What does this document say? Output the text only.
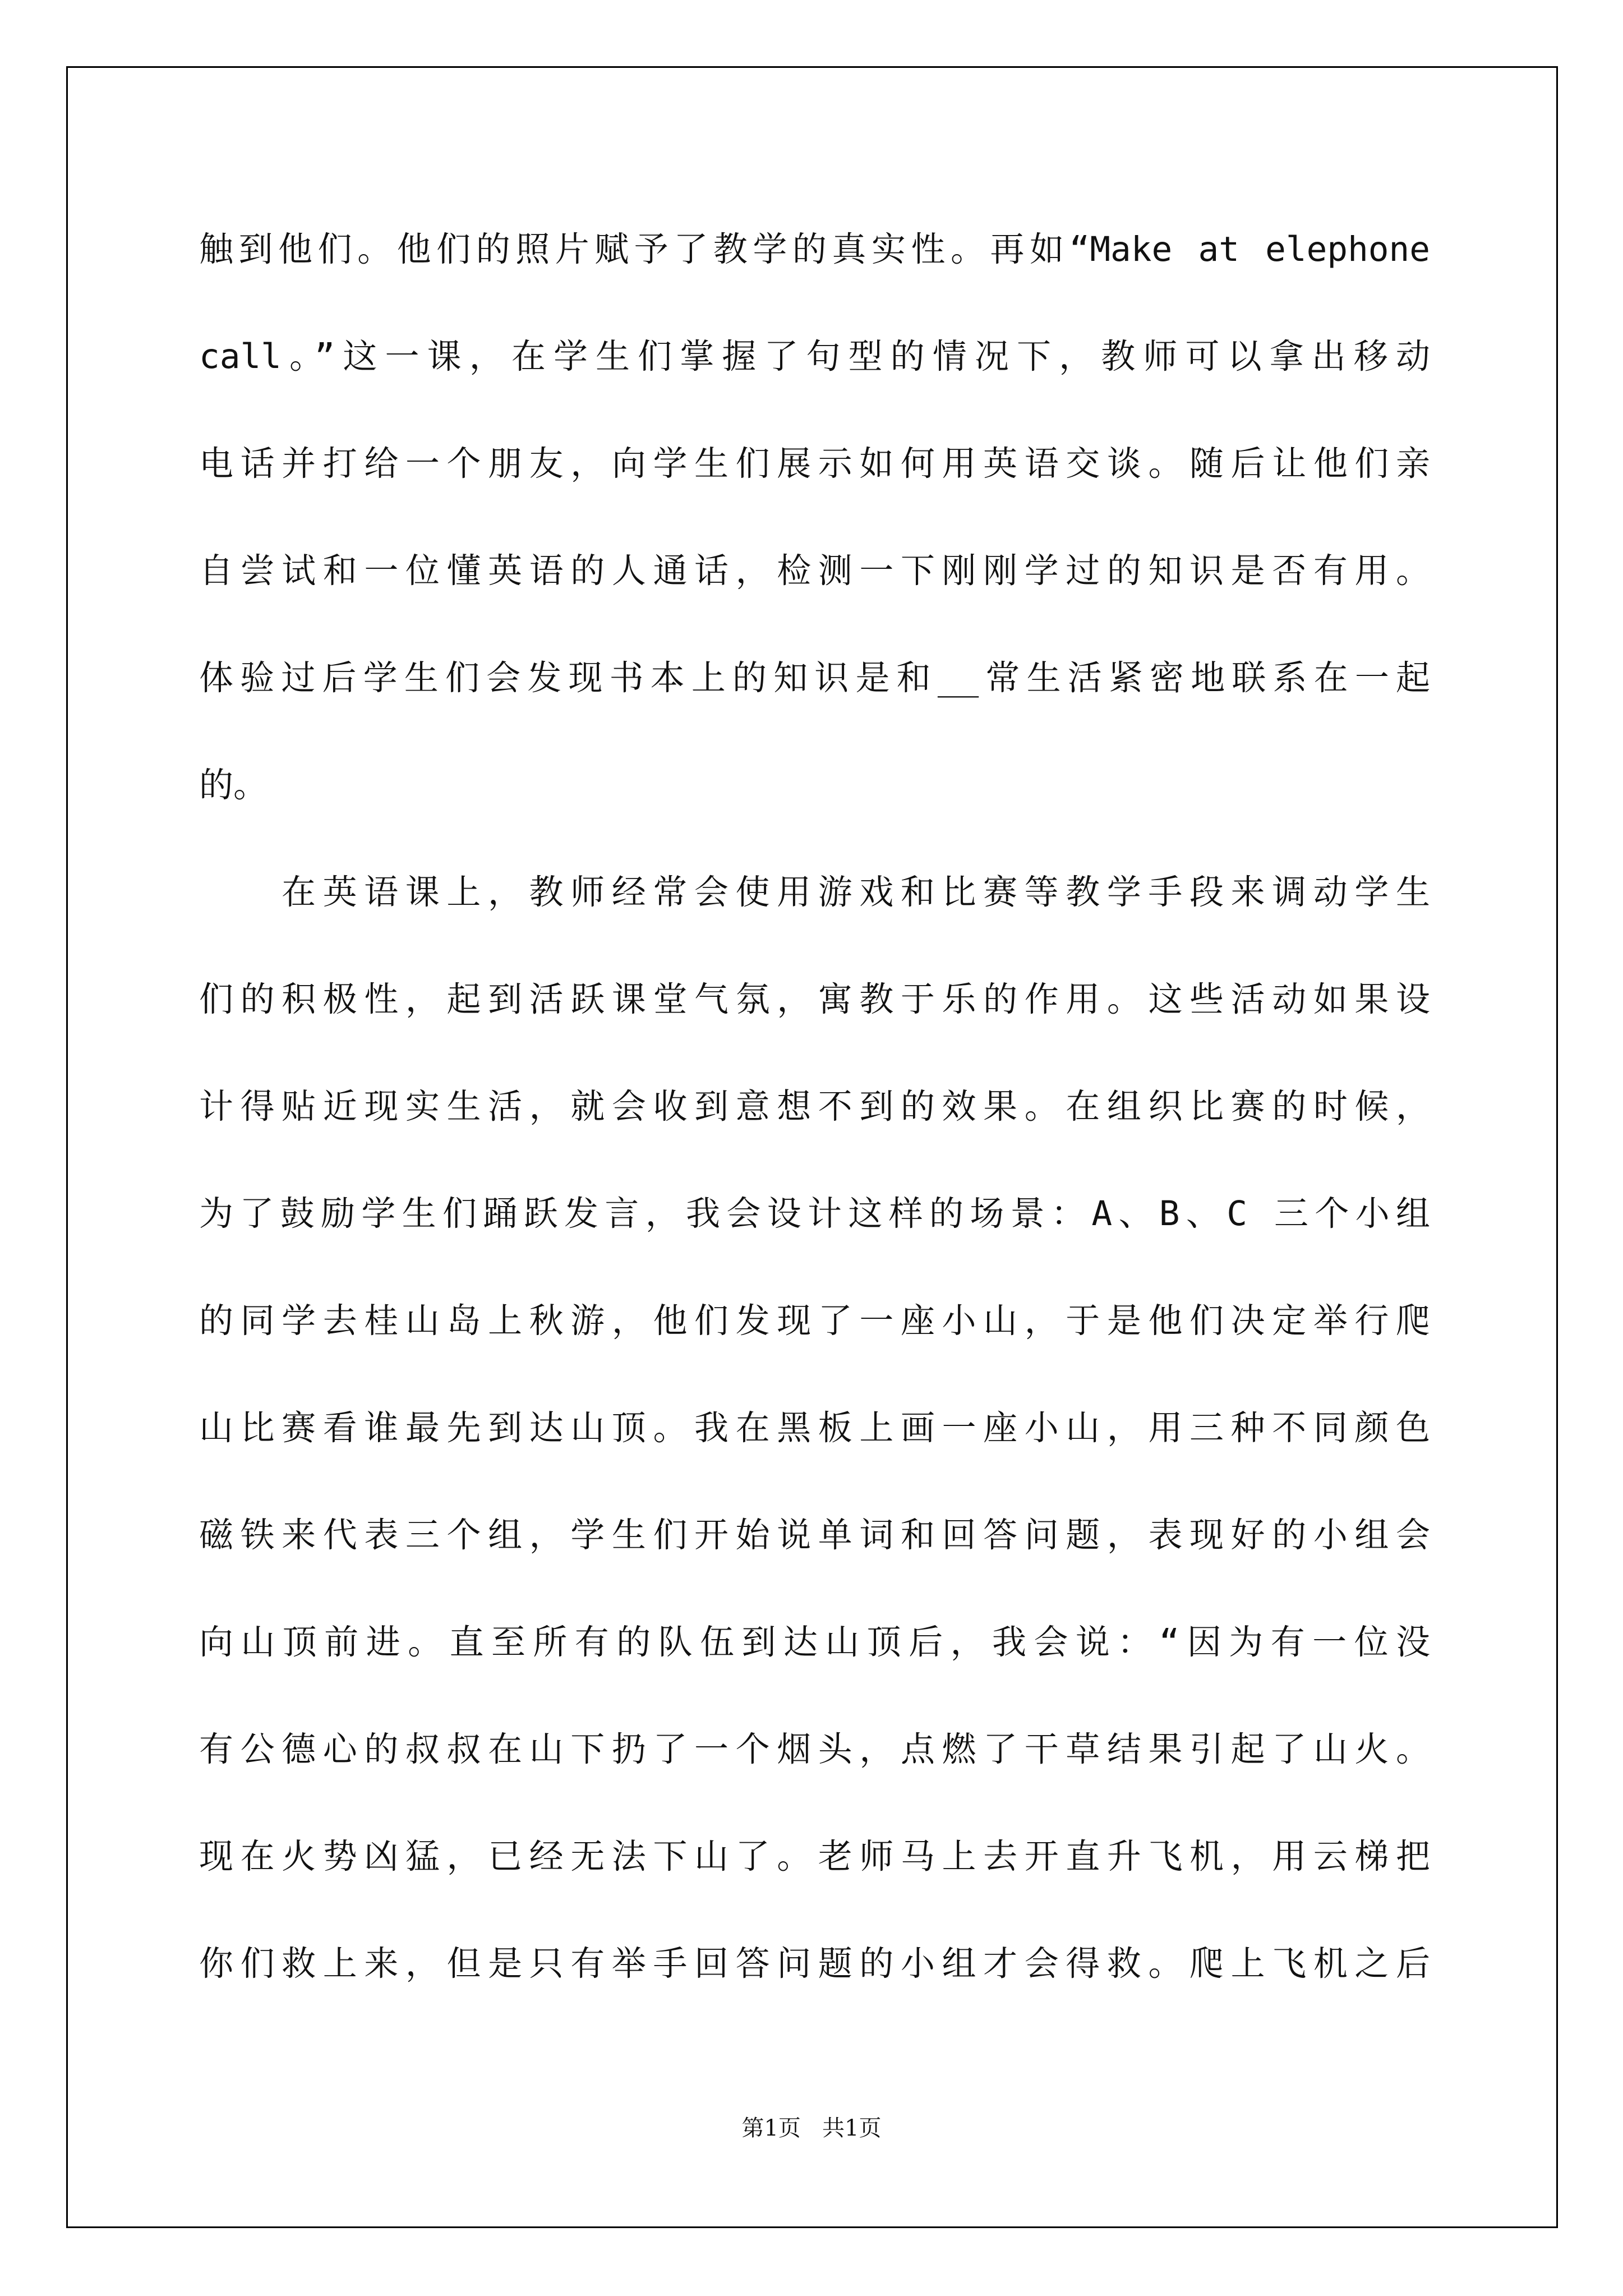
触到他们。他们的照片赋予了教学的真实性。再如“Make at elephone
call。”这一课，在学生们掌握了句型的情况下，教师可以拿出移动
电话并打给一个朋友，向学生们展示如何用英语交谈。随后让他们亲
自尝试和一位懂英语的人通话，检测一下刚刚学过的知识是否有用。
体验过后学生们会发现书本上的知识是和__常生活紧密地联系在一起
的。
在英语课上，教师经常会使用游戏和比赛等教学手段来调动学生
们的积极性，起到活跃课堂气氛，寓教于乐的作用。这些活动如果设
计得贴近现实生活，就会收到意想不到的效果。在组织比赛的时候，
为了鼓励学生们踊跃发言，我会设计这样的场景：A、B、C 三个小组
的同学去桂山岛上秋游，他们发现了一座小山，于是他们决定举行爬
山比赛看谁最先到达山顶。我在黑板上画一座小山，用三种不同颜色
磁铁来代表三个组，学生们开始说单词和回答问题，表现好的小组会
向山顶前进。直至所有的队伍到达山顶后，我会说：“因为有一位没
有公德心的叔叔在山下扔了一个烟头，点燃了干草结果引起了山火。
现在火势凶猛，已经无法下山了。老师马上去开直升飞机，用云梯把
你们救上来，但是只有举手回答问题的小组才会得救。爬上飞机之后
第1页   共1页
